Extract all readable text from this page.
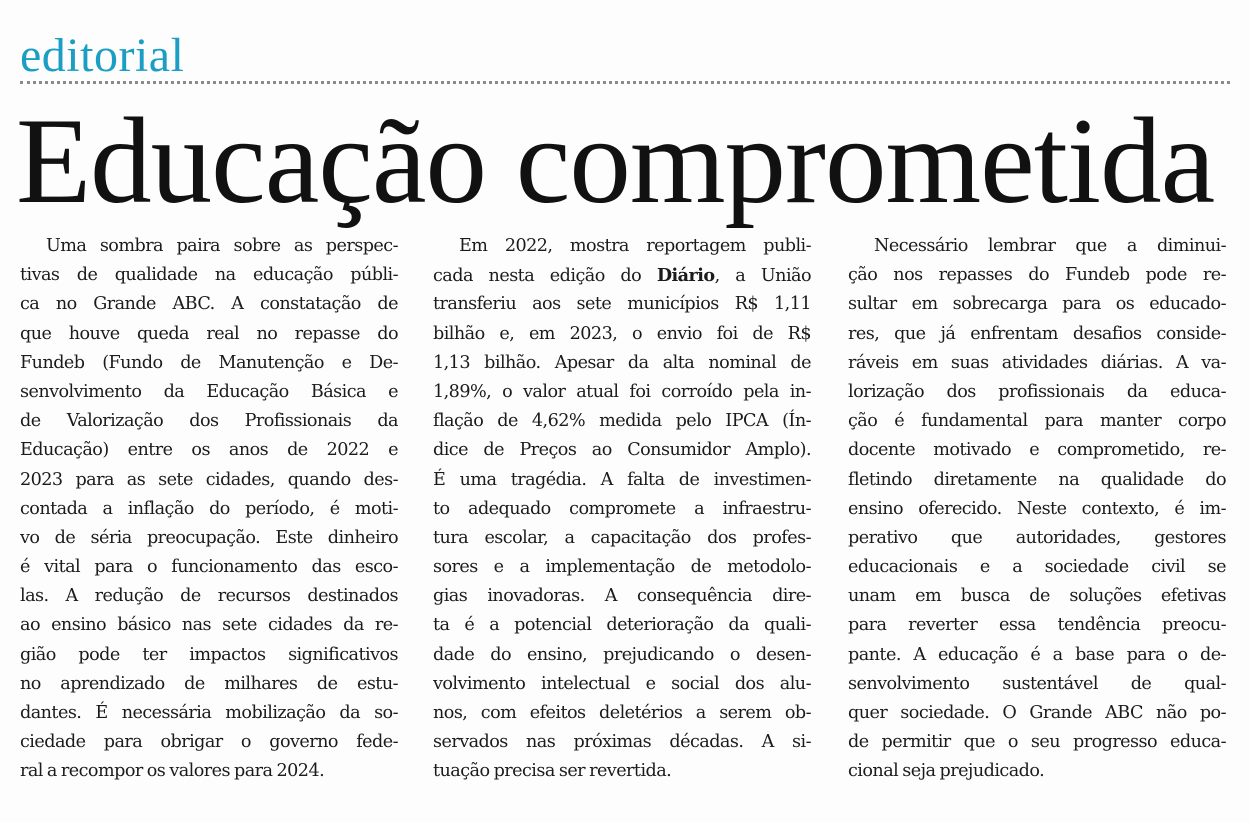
editorial
Educação comprometida
Uma sombra paira sobre as perspec-
tivas de qualidade na educação públi-
ca no Grande ABC. A constatação de
que houve queda real no repasse do
Fundeb (Fundo de Manutenção e De-
senvolvimento da Educação Básica e
de Valorização dos Profissionais da
Educação) entre os anos de 2022 e
2023 para as sete cidades, quando des-
contada a inflação do período, é moti-
vo de séria preocupação. Este dinheiro
é vital para o funcionamento das esco-
las. A redução de recursos destinados
ao ensino básico nas sete cidades da re-
gião pode ter impactos significativos
no aprendizado de milhares de estu-
dantes. É necessária mobilização da so-
ciedade para obrigar o governo fede-
ral a recompor os valores para 2024.
Em 2022, mostra reportagem publi-
cada nesta edição do Diário, a União
transferiu aos sete municípios R$ 1,11
bilhão e, em 2023, o envio foi de R$
1,13 bilhão. Apesar da alta nominal de
1,89%, o valor atual foi corroído pela in-
flação de 4,62% medida pelo IPCA (Ín-
dice de Preços ao Consumidor Amplo).
É uma tragédia. A falta de investimen-
to adequado compromete a infraestru-
tura escolar, a capacitação dos profes-
sores e a implementação de metodolo-
gias inovadoras. A consequência dire-
ta é a potencial deterioração da quali-
dade do ensino, prejudicando o desen-
volvimento intelectual e social dos alu-
nos, com efeitos deletérios a serem ob-
servados nas próximas décadas. A si-
tuação precisa ser revertida.
Necessário lembrar que a diminui-
ção nos repasses do Fundeb pode re-
sultar em sobrecarga para os educado-
res, que já enfrentam desafios conside-
ráveis em suas atividades diárias. A va-
lorização dos profissionais da educa-
ção é fundamental para manter corpo
docente motivado e comprometido, re-
fletindo diretamente na qualidade do
ensino oferecido. Neste contexto, é im-
perativo que autoridades, gestores
educacionais e a sociedade civil se
unam em busca de soluções efetivas
para reverter essa tendência preocu-
pante. A educação é a base para o de-
senvolvimento sustentável de qual-
quer sociedade. O Grande ABC não po-
de permitir que o seu progresso educa-
cional seja prejudicado.
